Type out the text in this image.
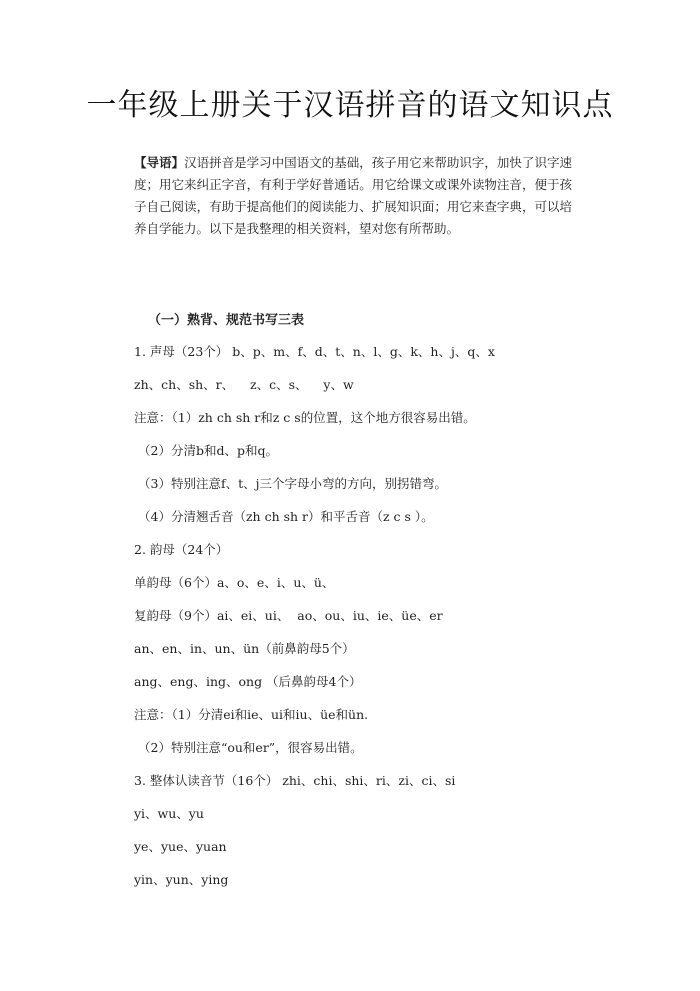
一年级上册关于汉语拼音的语文知识点
【导语】汉语拼音是学习中国语文的基础，孩子用它来帮助识字，加快了识字速度；用它来纠正字音，有利于学好普通话。用它给课文或课外读物注音，便于孩子自己阅读，有助于提高他们的阅读能力、扩展知识面；用它来查字典，可以培养自学能力。以下是我整理的相关资料，望对您有所帮助。
（一）熟背、规范书写三表
1. 声母（23个） b、p、m、f、d、t、n、l、g、k、h、j、q、x
zh、ch、sh、r、    z、c、s、    y、w
注意：（1）zh ch sh r和z c s的位置，这个地方很容易出错。
（2）分清b和d、p和q。
（3）特别注意f、t、j三个字母小弯的方向，别拐错弯。
（4）分清翘舌音（zh ch sh r）和平舌音（z c s ）。
2. 韵母（24个）
单韵母（6个）a、o、e、i、u、ü、
复韵母（9个）ai、ei、ui、  ao、ou、iu、ie、üe、er
an、en、in、un、ün（前鼻韵母5个）
ang、eng、ing、ong （后鼻韵母4个）
注意：（1）分清ei和ie、ui和iu、üe和ün.
（2）特别注意“ou和er”，很容易出错。
3. 整体认读音节（16个） zhi、chi、shi、ri、zi、ci、si
yi、wu、yu
ye、yue、yuan
yin、yun、ying
